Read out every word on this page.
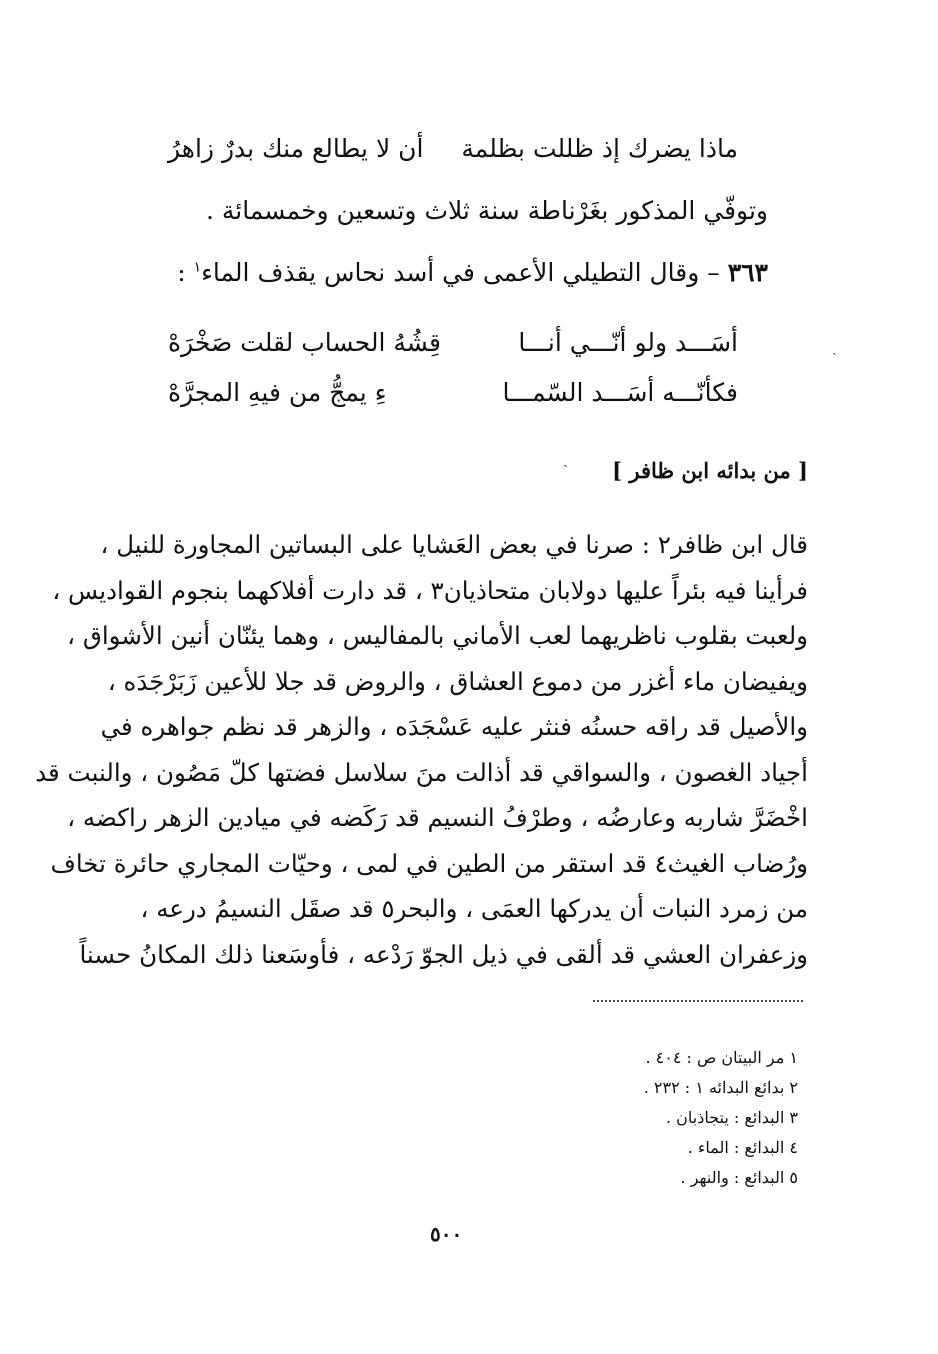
ماذا يضرك إذ ظللت بظلمة
أن لا يطالع منك بدرٌ زاهرُ
وتوفّي المذكور بغَرْناطة سنة ثلاث وتسعين وخمسمائة .
٣٦٣ – وقال التطيلي الأعمى في أسد نحاس يقذف الماء$^١$ :
أسَـــد ولو أنّـــي أنـــا
قِشُهُ الحساب لقلت صَخْرَهْ
فكأنّـــه أسَـــد السّمـــا
ءِ يمجُّ من فيهِ المجرَّهْ
ˎ
ˎ [ من بدائه ابن ظافر ]

قال ابن ظافر٢ : صرنا في بعض العَشايا على البساتين المجاورة للنيل ،

فرأينا فيه بئراً عليها دولابان متحاذيان٣ ، قد دارت أفلاكهما بنجوم القواديس ،

ولعبت بقلوب ناظريهما لعب الأماني بالمفاليس ، وهما يئنّان أنين الأشواق ،

ويفيضان ماء أغزر من دموع العشاق ، والروض قد جلا للأعين زَبَرْجَدَه ،

والأصيل قد راقه حسنُه فنثر عليه عَسْجَدَه ، والزهر قد نظم جواهره في

أجياد الغصون ، والسواقي قد أذالت منَ سلاسل فضتها كلّ مَصُون ، والنبت قد

اخْضَرَّ شاربه وعارضُه ، وطرْفُ النسيم قد رَكَضه في ميادين الزهر راكضه ،

ورُضاب الغيث٤ قد استقر من الطين في لمى ، وحيّات المجاري حائرة تخاف

من زمرد النبات أن يدركها العمَى ، والبحر٥ قد صقَل النسيمُ درعه ،

وزعفران العشي قد ألقى في ذيل الجوّ رَدْعه ، فأوسَعنا ذلك المكانُ حسناً

١ مر البيتان ص : ٤٠٤ .
٢ بدائع البدائه ١ : ٢٣٢ .
٣ البدائع : يتجاذبان .
٤ البدائع : الماء .
٥ البدائع : والنهر .
٥٠٠
